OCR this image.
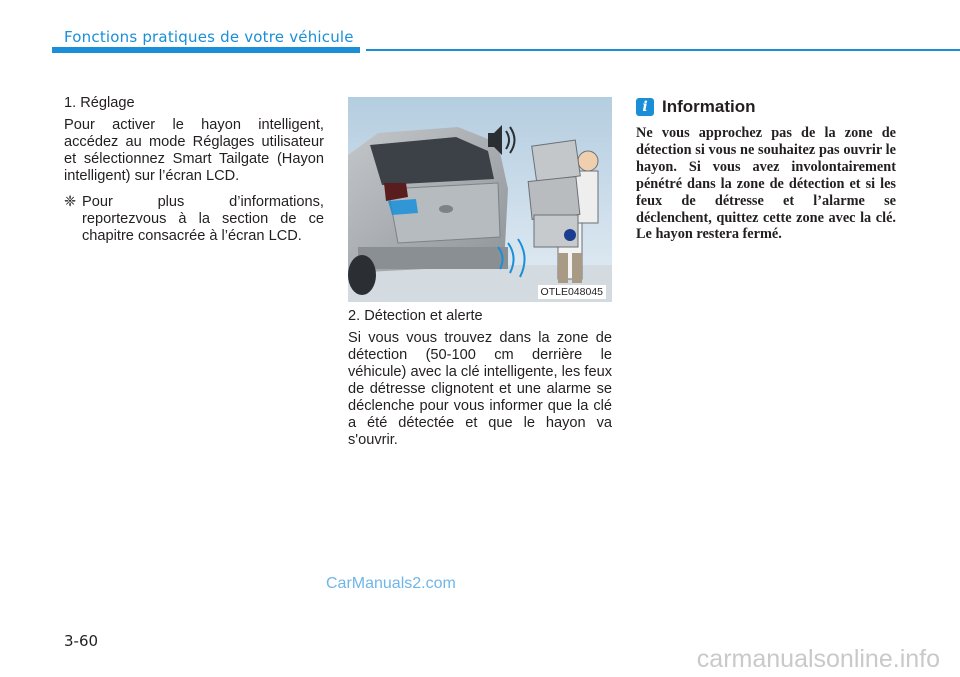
Fonctions pratiques de votre véhicule

1. Réglage

Pour activer le hayon intelligent, accédez au mode Réglages utilisateur et sélectionnez Smart Tailgate (Hayon intelligent) sur l’écran LCD.

❈ Pour plus d’informations, reportezvous à la section de ce chapitre consacrée à l’écran LCD.
OTLE048045

2. Détection et alerte

Si vous vous trouvez dans la zone de détection (50-100 cm derrière le véhicule) avec la clé intelligente, les feux de détresse clignotent et une alarme se déclenche pour vous informer que la clé a été détectée et que le hayon va s'ouvrir.

i Information

Ne vous approchez pas de la zone de détection si vous ne souhaitez pas ouvrir le hayon. Si vous avez involontairement pénétré dans la zone de détection et si les feux de détresse et l’alarme se déclenchent, quittez cette zone avec la clé. Le hayon restera fermé.

CarManuals2.com
3-60
carmanualsonline.info
